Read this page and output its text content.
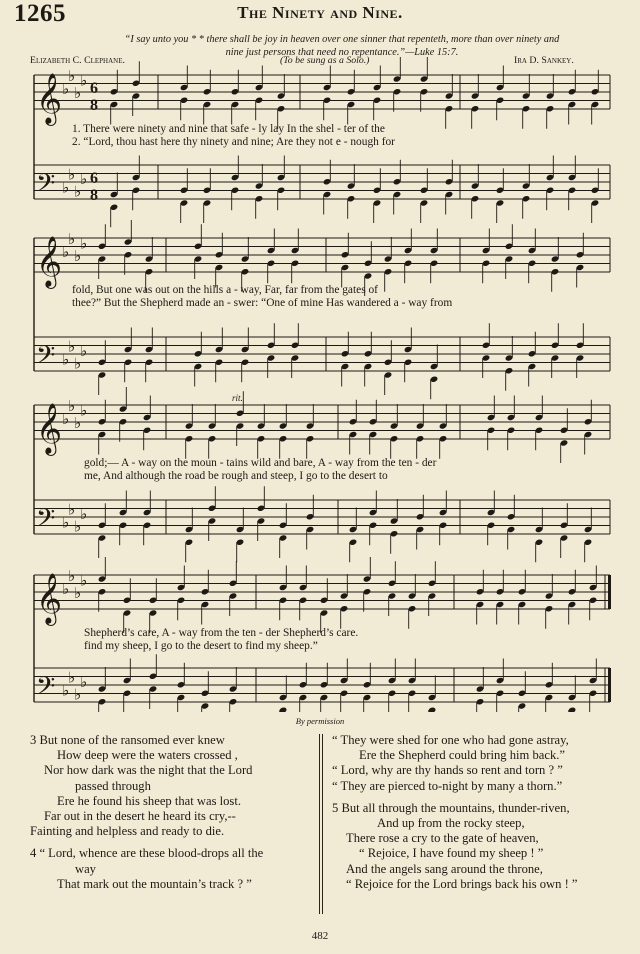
1265	The Ninety and Nine.
“I say unto you * * there shall be joy in heaven over one sinner that repenteth, more than over ninety and
nine just persons that need no repentance.”—Luke 15:7.
Elizabeth C. Clephane.	(To be sung as a Solo.)	Ira D. Sankey.
𝄞 ♭
♭
♭
♭ 6
8
𝄢 ♭
♭
♭
♭ 6
8
𝄞 ♭
♭
♭
♭
𝄢 ♭
♭
♭
♭
𝄞 ♭
♭
♭
♭
𝄢 ♭
♭
♭
♭
rit.
𝄞 ♭
♭
♭
♭
𝄢 ♭
♭
♭
♭
1. There were ninety and nine that safe - ly lay In the shel - ter of the
2. “Lord, thou hast here thy ninety and nine; Are they not e - nough for
fold, But one was out on the hills a - way, Far, far from the gates of
thee?” But the Shepherd made an - swer: “One of mine Has wandered a - way from
gold;— A - way on the moun - tains wild and bare, A - way from the ten - der
me, And although the road be rough and steep, I go to the desert to
Shepherd’s care, A - way from the ten - der Shepherd’s care.
find my sheep, I go to the desert to find my sheep.”
By permission
3 But none of the ransomed ever knew
How deep were the waters crossed ,
Nor how dark was the night that the Lord
passed through
Ere he found his sheep that was lost.
Far out in the desert he heard its cry,--
Fainting and helpless and ready to die.
4 “ Lord, whence are these blood-drops all the
way
That mark out the mountain’s track ? ”
“ They were shed for one who had gone astray,
Ere the Shepherd could bring him back.”
“ Lord, why are thy hands so rent and torn ? ”
“ They are pierced to-night by many a thorn.”
5 But all through the mountains, thunder-riven,
And up from the rocky steep,
There rose a cry to the gate of heaven,
“ Rejoice, I have found my sheep ! ”
And the angels sang around the throne,
“ Rejoice for the Lord brings back his own ! ”
482
